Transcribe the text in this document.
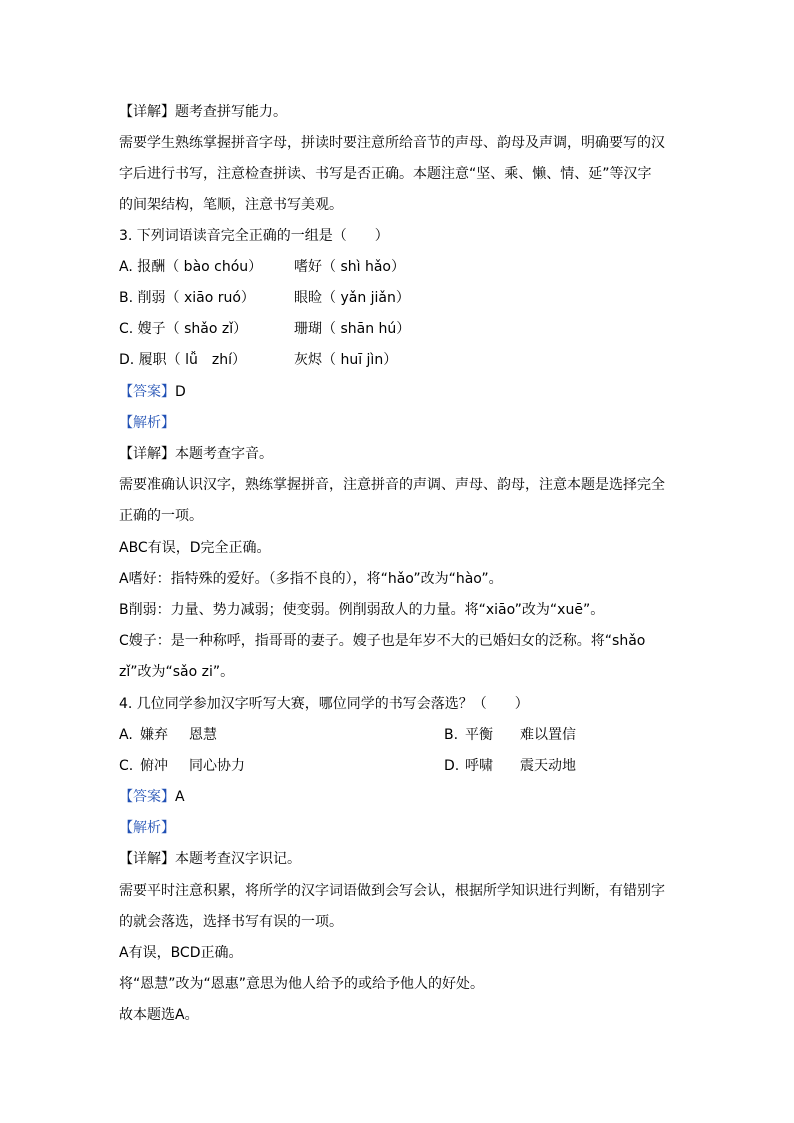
【详解】题考查拼写能力。
需要学生熟练掌握拼音字母，拼读时要注意所给音节的声母、韵母及声调，明确要写的汉
字后进行书写，注意检查拼读、书写是否正确。本题注意“坚、乘、懒、情、延”等汉字
的间架结构，笔顺，注意书写美观。
3. 下列词语读音完全正确的一组是（　　）
A. 报酬（ bào chóu） 嗜好（ shì hǎo）
B. 削弱（ xiāo ruó）	眼睑（ yǎn jiǎn）
C. 嫂子（ shǎo zǐ）	珊瑚（ shān hú）
D. 履职（ lǚ　zhí）	灰烬（ huī jìn）
【答案】D
【解析】
【详解】本题考查字音。
需要准确认识汉字，熟练掌握拼音，注意拼音的声调、声母、韵母，注意本题是选择完全
正确的一项。
ABC有误，D完全正确。
A嗜好：指特殊的爱好。（多指不良的），将“hǎo”改为“hào”。
B削弱：力量、势力减弱；使变弱。例削弱敌人的力量。将“xiāo”改为“xuē”。
C嫂子：是一种称呼，指哥哥的妻子。嫂子也是年岁不大的已婚妇女的泛称。将“shǎo
zǐ”改为“sǎo zi”。
4. 几位同学参加汉字听写大赛，哪位同学的书写会落选？（　　）
A. 嫌弃 恩慧	B. 平衡 难以置信
C. 俯冲 同心协力	D. 呼啸 震天动地
【答案】A
【解析】
【详解】本题考查汉字识记。
需要平时注意积累，将所学的汉字词语做到会写会认，根据所学知识进行判断，有错别字
的就会落选，选择书写有误的一项。
A有误，BCD正确。
将“恩慧”改为“恩惠”意思为他人给予的或给予他人的好处。
故本题选A。
